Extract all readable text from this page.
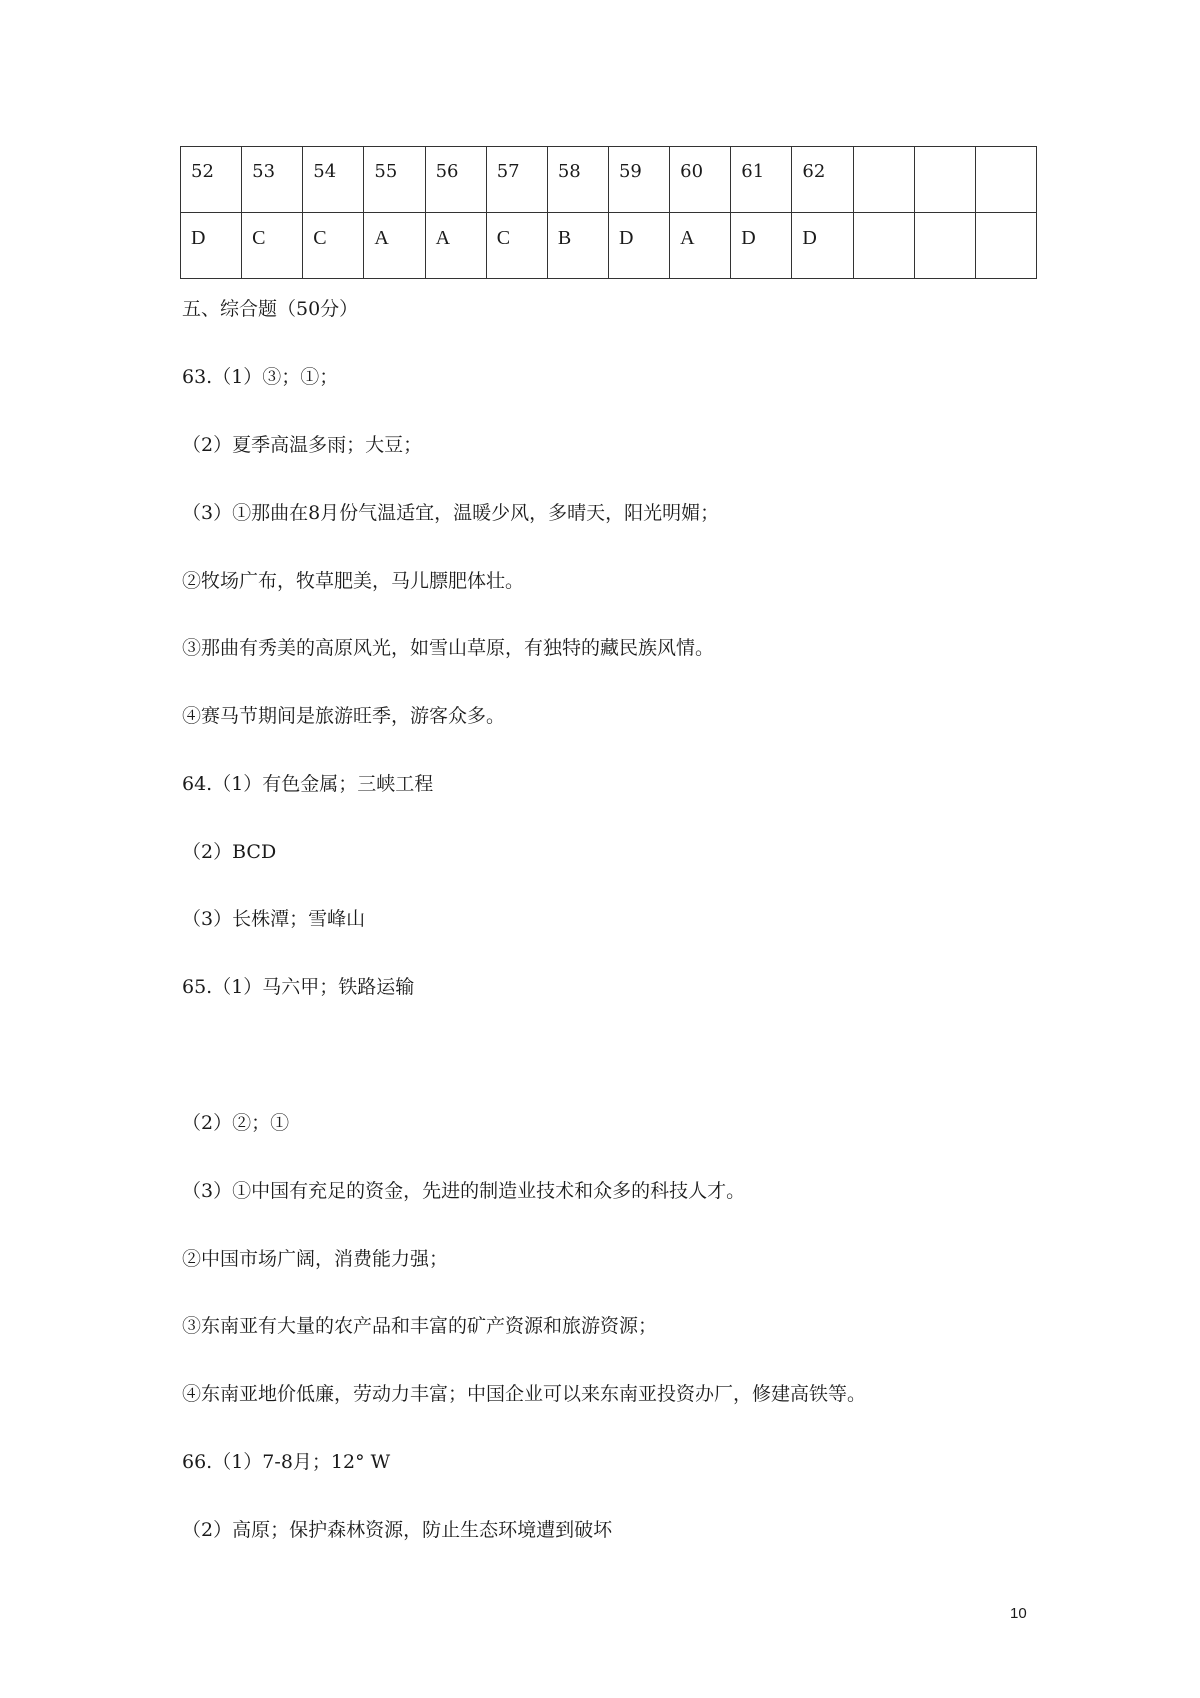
52	53	54	55	56	57	58	59	60	61	62			
D	C	C	A	A	C	B	D	A	D	D			
五、综合题（50分）
63.（1）③；①；
（2）夏季高温多雨；大豆；
（3）①那曲在8月份气温适宜，温暖少风，多晴天，阳光明媚；
②牧场广布，牧草肥美，马儿膘肥体壮。
③那曲有秀美的高原风光，如雪山草原，有独特的藏民族风情。
④赛马节期间是旅游旺季，游客众多。
64.（1）有色金属；三峡工程
（2）BCD
（3）长株潭；雪峰山
65.（1）马六甲；铁路运输
（2）②；①
（3）①中国有充足的资金，先进的制造业技术和众多的科技人才。
②中国市场广阔，消费能力强；
③东南亚有大量的农产品和丰富的矿产资源和旅游资源；
④东南亚地价低廉，劳动力丰富；中国企业可以来东南亚投资办厂，修建高铁等。
66.（1）7-8月；12° W
（2）高原；保护森林资源，防止生态环境遭到破坏
10
